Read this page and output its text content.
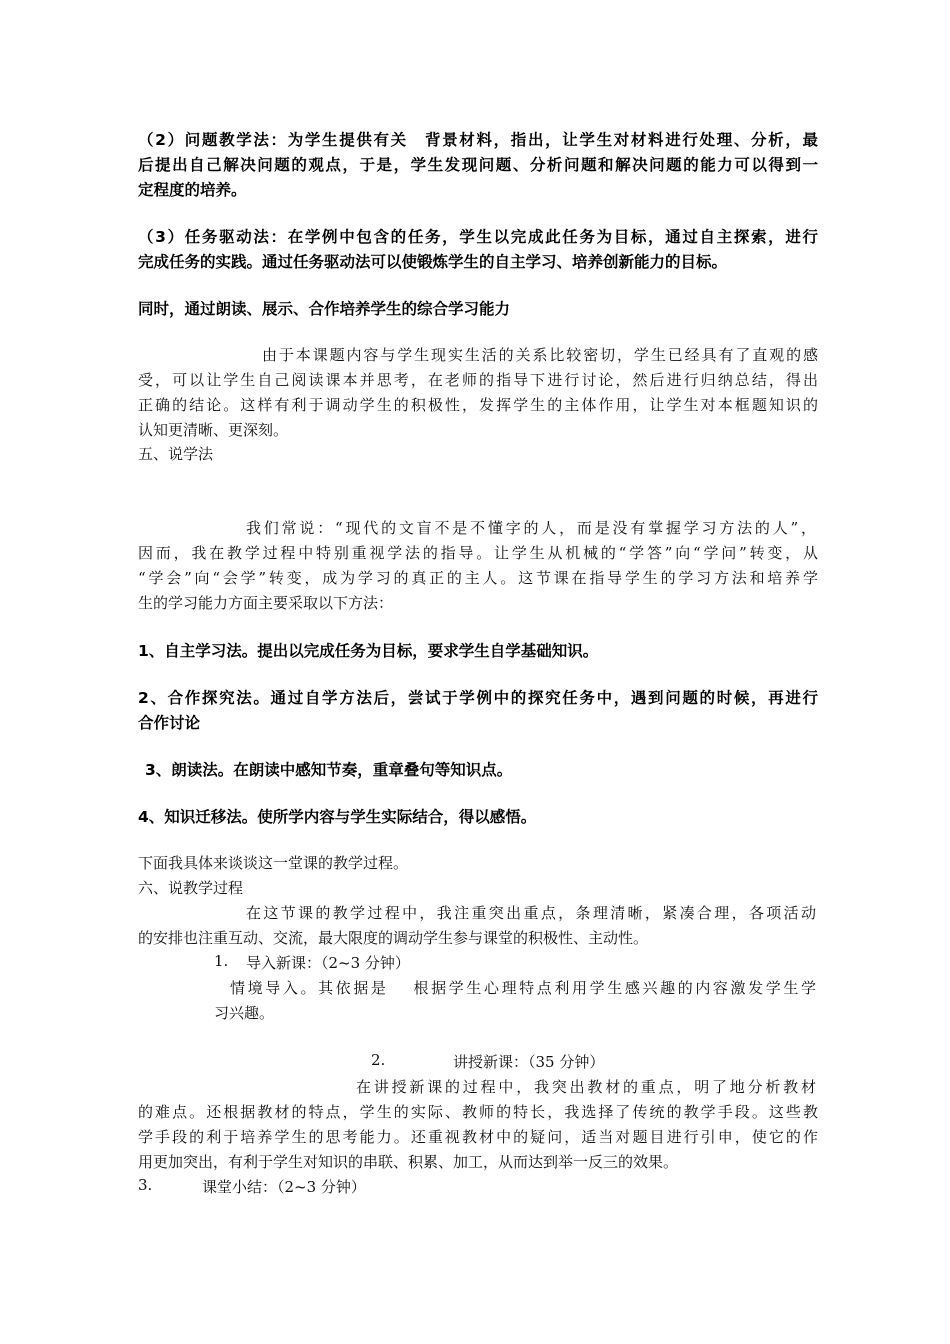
（2）问题教学法：为学生提供有关　背景材料，指出，让学生对材料进行处理、分析，最
后提出自己解决问题的观点，于是，学生发现问题、分析问题和解决问题的能力可以得到一
定程度的培养。
（3）任务驱动法：在学例中包含的任务，学生以完成此任务为目标，通过自主探索，进行
完成任务的实践。通过任务驱动法可以使锻炼学生的自主学习、培养创新能力的目标。
同时，通过朗读、展示、合作培养学生的综合学习能力
由于本课题内容与学生现实生活的关系比较密切，学生已经具有了直观的感
受，可以让学生自己阅读课本并思考，在老师的指导下进行讨论，然后进行归纳总结，得出
正确的结论。这样有利于调动学生的积极性，发挥学生的主体作用，让学生对本框题知识的
认知更清晰、更深刻。
五、说学法
我们常说：“现代的文盲不是不懂字的人，而是没有掌握学习方法的人”，
因而，我在教学过程中特别重视学法的指导。让学生从机械的“学答”向“学问”转变，从
“学会”向“会学”转变，成为学习的真正的主人。这节课在指导学生的学习方法和培养学
生的学习能力方面主要采取以下方法：
1、自主学习法。提出以完成任务为目标，要求学生自学基础知识。
2、合作探究法。通过自学方法后，尝试于学例中的探究任务中，遇到问题的时候，再进行
合作讨论
3、朗读法。在朗读中感知节奏，重章叠句等知识点。
4、知识迁移法。使所学内容与学生实际结合，得以感悟。
下面我具体来谈谈这一堂课的教学过程。
六、说教学过程
在这节课的教学过程中，我注重突出重点，条理清晰，紧凑合理，各项活动
的安排也注重互动、交流，最大限度的调动学生参与课堂的积极性、主动性。
1. 导入新课：（2~3 分钟）
情境导入。其依据是　 根据学生心理特点利用学生感兴趣的内容激发学生学
习兴趣。
2.	讲授新课：（35 分钟）
在讲授新课的过程中，我突出教材的重点，明了地分析教材
的难点。还根据教材的特点，学生的实际、教师的特长，我选择了传统的教学手段。这些教
学手段的利于培养学生的思考能力。还重视教材中的疑问，适当对题目进行引申，使它的作
用更加突出，有利于学生对知识的串联、积累、加工，从而达到举一反三的效果。
3.	课堂小结：（2~3 分钟）
